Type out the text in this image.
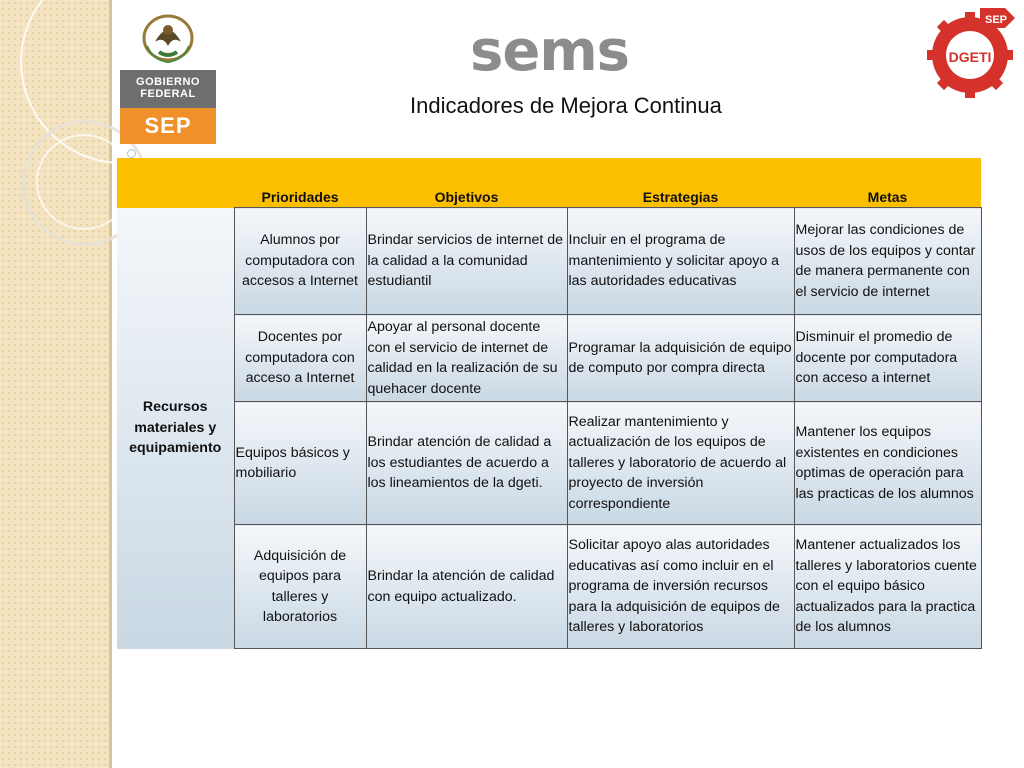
GOBIERNO
FEDERAL
SEP
sems	SEP
DGETI
Indicadores de Mejora Continua
	Prioridades	Objetivos	Estrategias	Metas
Recursos materiales y equipamiento	Alumnos por computadora con accesos a Internet	Brindar servicios de internet de la calidad a la comunidad estudiantil	Incluir en el programa de mantenimiento y solicitar apoyo a las autoridades educativas	Mejorar las condiciones de usos de los equipos y contar de manera permanente con el servicio de internet
	Docentes por computadora con acceso a Internet	Apoyar al personal docente con el servicio de internet de calidad en la realización de su quehacer docente	Programar la adquisición de equipo de computo por compra directa	Disminuir el promedio de docente por computadora con acceso a internet
	Equipos básicos y mobiliario	Brindar atención de calidad a los estudiantes de acuerdo a los lineamientos de la dgeti.	Realizar mantenimiento y actualización de los equipos de talleres y laboratorio de acuerdo al proyecto de inversión correspondiente	Mantener los equipos existentes en condiciones optimas de operación para las practicas de los alumnos
	Adquisición de equipos para talleres y laboratorios	Brindar la atención de calidad con equipo actualizado.	Solicitar apoyo alas autoridades educativas así como incluir en el programa de inversión recursos para la adquisición de equipos de talleres y laboratorios	Mantener actualizados los talleres y laboratorios cuente con el equipo básico actualizados para la practica de los alumnos
